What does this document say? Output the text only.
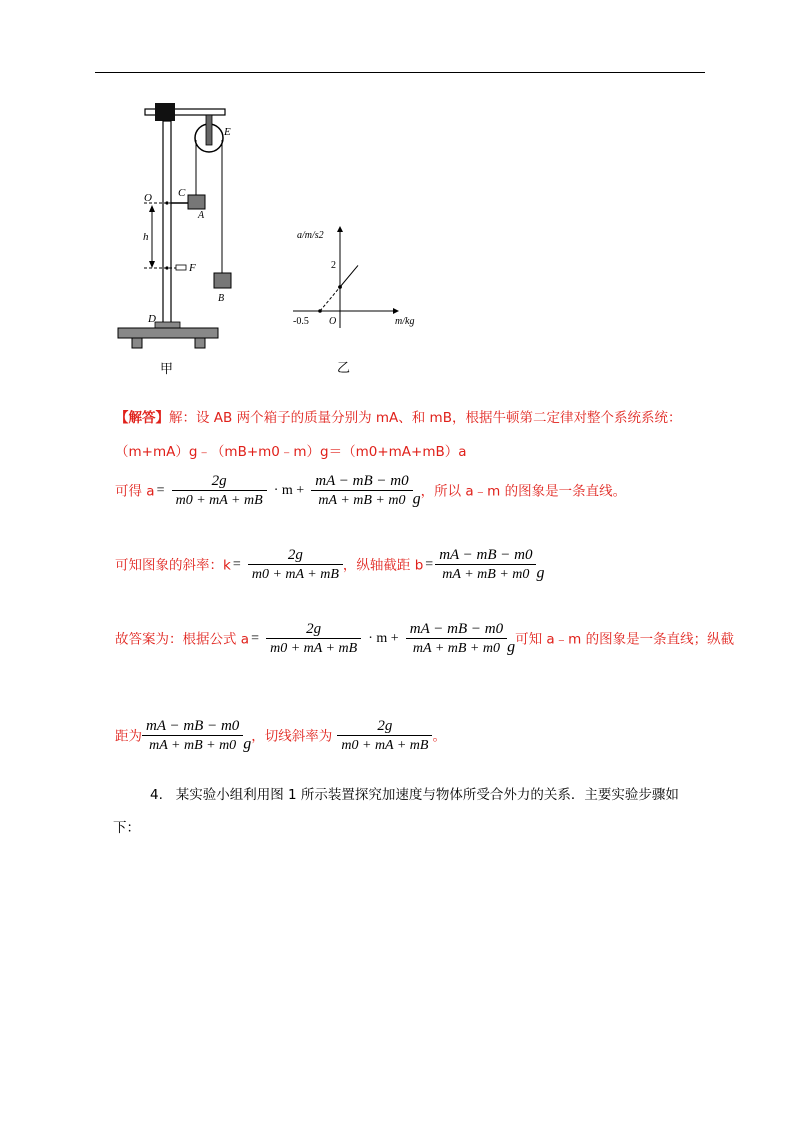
O C
A
E
h
F
B
D
甲
a/m/s2
m/kg
O
2
-0.5
乙
【解答】解：设 AB 两个箱子的质量分别为 mA、和 mB，根据牛顿第二定律对整个系统系统：
（m+mA）g﹣（mB+m0﹣m）g＝（m0+mA+mB）a
可得 $a = \frac{2g}{m0 + mA + mB} \cdot m + \frac{mA - mB - m0}{mA + mB + m0}$ g，所以 a﹣m 的图象是一条直线。
可知图象的斜率：$k = \frac{2g}{m0 + mA + mB}$ ，纵轴截距 $b = \frac{mA - mB - m0}{mA + mB + m0}$ g
故答案为：根据公式 $a = \frac{2g}{m0 + mA + mB} \cdot m + \frac{mA - mB - m0}{mA + mB + m0}$ g可知 a﹣m 的图象是一条直线；纵截
距为 $\frac{mA - mB - m0}{mA + mB + m0}$ g，切线斜率为 $\frac{2g}{m0 + mA + mB}$ 。
4. 某实验小组利用图 1 所示装置探究加速度与物体所受合外力的关系．主要实验步骤如
下：
